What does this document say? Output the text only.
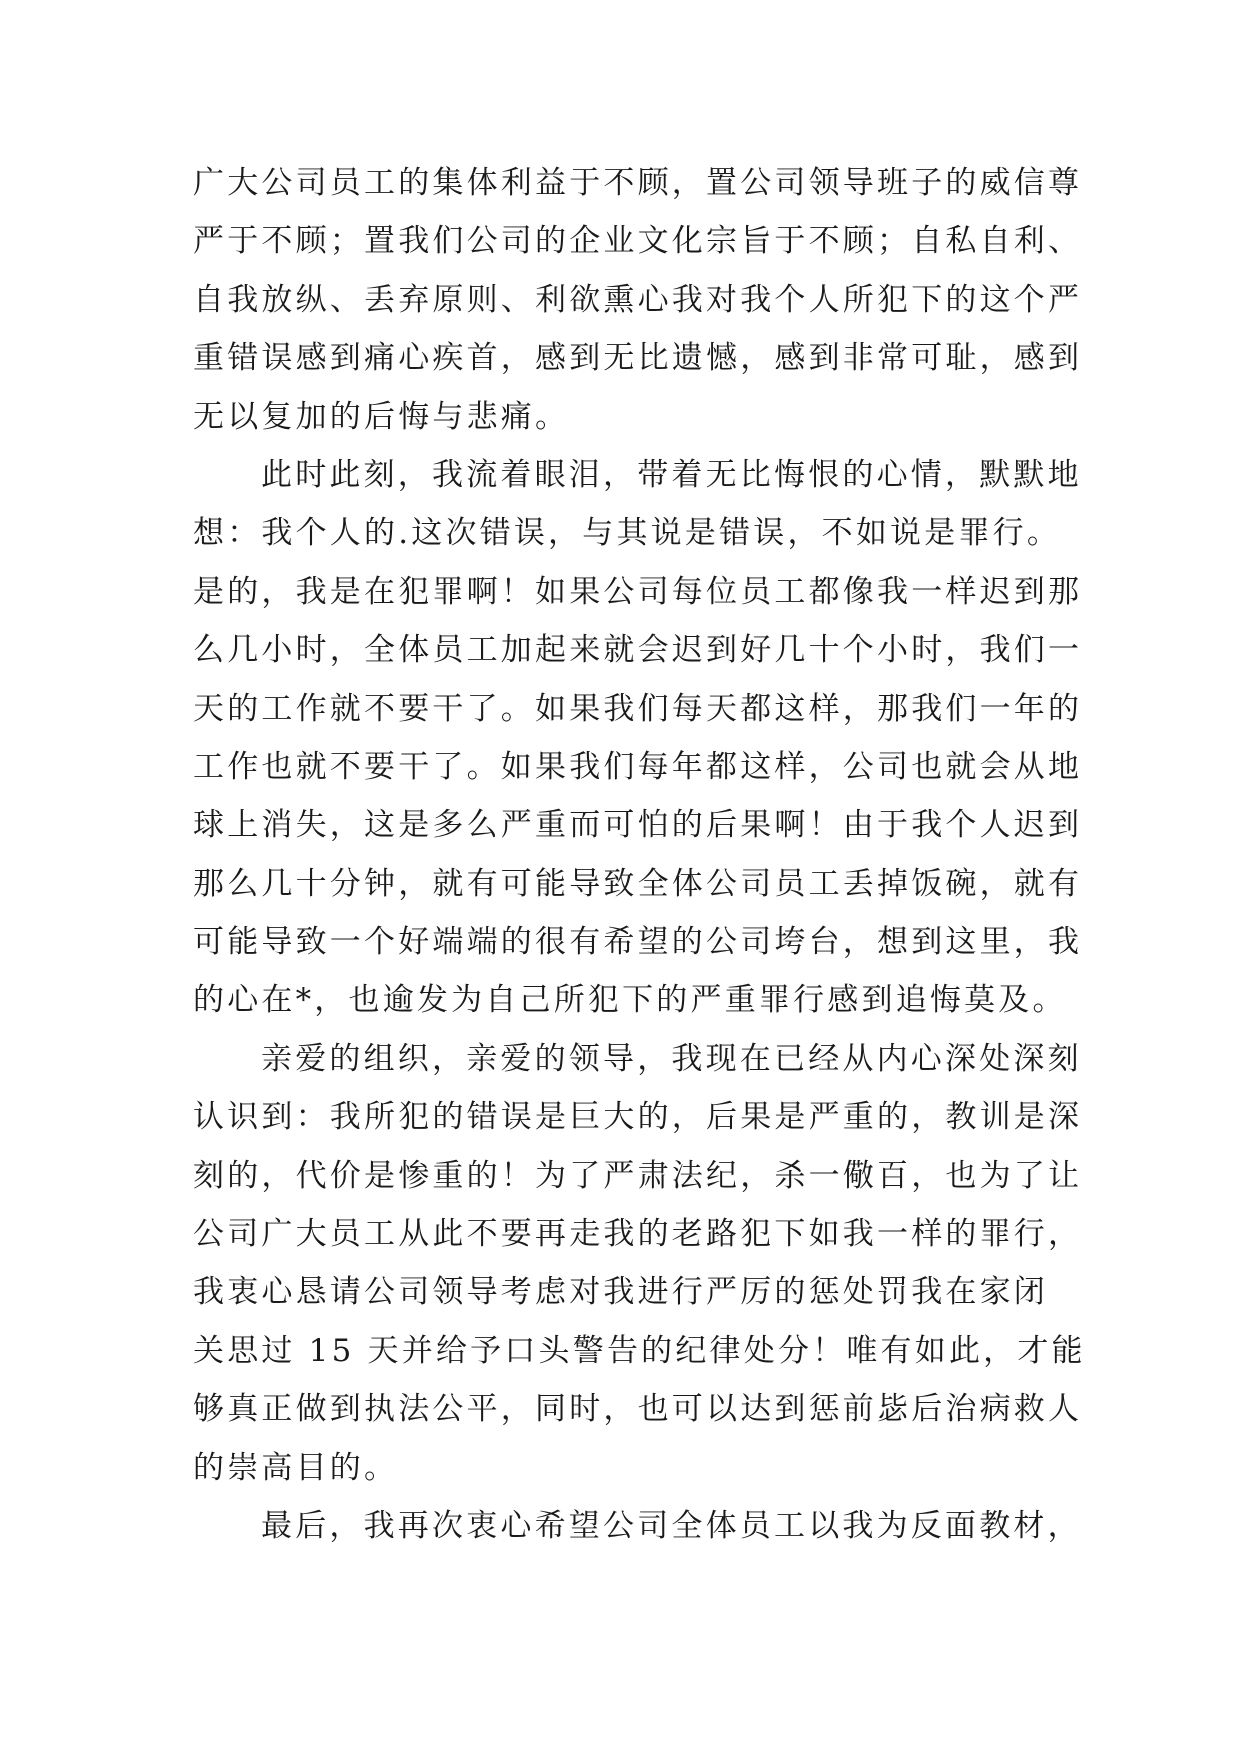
广大公司员工的集体利益于不顾，置公司领导班子的威信尊
严于不顾；置我们公司的企业文化宗旨于不顾；自私自利、
自我放纵、丢弃原则、利欲熏心我对我个人所犯下的这个严
重错误感到痛心疾首，感到无比遗憾，感到非常可耻，感到
无以复加的后悔与悲痛。
此时此刻，我流着眼泪，带着无比悔恨的心情，默默地
想：我个人的.这次错误，与其说是错误，不如说是罪行。
是的，我是在犯罪啊！如果公司每位员工都像我一样迟到那
么几小时，全体员工加起来就会迟到好几十个小时，我们一
天的工作就不要干了。如果我们每天都这样，那我们一年的
工作也就不要干了。如果我们每年都这样，公司也就会从地
球上消失，这是多么严重而可怕的后果啊！由于我个人迟到
那么几十分钟，就有可能导致全体公司员工丢掉饭碗，就有
可能导致一个好端端的很有希望的公司垮台，想到这里，我
的心在*，也逾发为自己所犯下的严重罪行感到追悔莫及。
亲爱的组织，亲爱的领导，我现在已经从内心深处深刻
认识到：我所犯的错误是巨大的，后果是严重的，教训是深
刻的，代价是惨重的！为了严肃法纪，杀一儆百，也为了让
公司广大员工从此不要再走我的老路犯下如我一样的罪行，
我衷心恳请公司领导考虑对我进行严厉的惩处罚我在家闭
关思过 15 天并给予口头警告的纪律处分！唯有如此，才能
够真正做到执法公平，同时，也可以达到惩前毖后治病救人
的崇高目的。
最后，我再次衷心希望公司全体员工以我为反面教材，
